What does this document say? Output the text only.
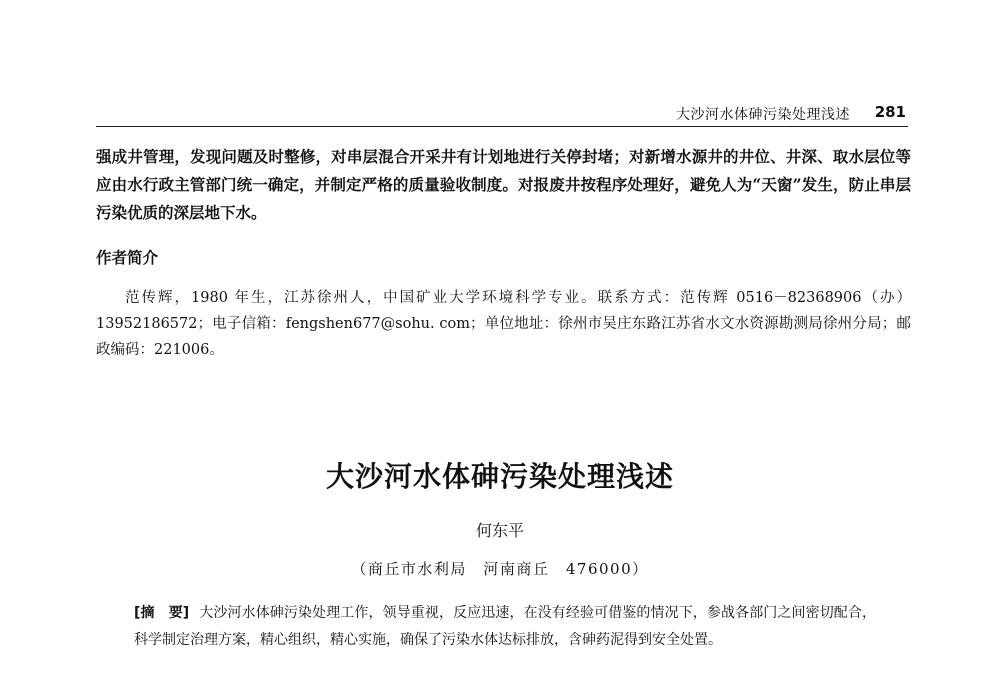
大沙河水体砷污染处理浅述 281

强成井管理，发现问题及时整修，对串层混合开采井有计划地进行关停封堵；对新增水源井的井位、井深、取水层位等应由水行政主管部门统一确定，并制定严格的质量验收制度。对报废井按程序处理好，避免人为“天窗”发生，防止串层污染优质的深层地下水。

作者简介

范传辉，1980 年生，江苏徐州人，中国矿业大学环境科学专业。联系方式：范传辉 0516－82368906（办）13952186572；电子信箱：fengshen677@sohu. com；单位地址：徐州市吴庄东路江苏省水文水资源勘测局徐州分局；邮政编码：221006。

大沙河水体砷污染处理浅述
何东平
（商丘市水利局　河南商丘　476000）

[摘　要] 大沙河水体砷污染处理工作，领导重视，反应迅速，在没有经验可借鉴的情况下，参战各部门之间密切配合，科学制定治理方案，精心组织，精心实施，确保了污染水体达标排放，含砷药泥得到安全处置。
